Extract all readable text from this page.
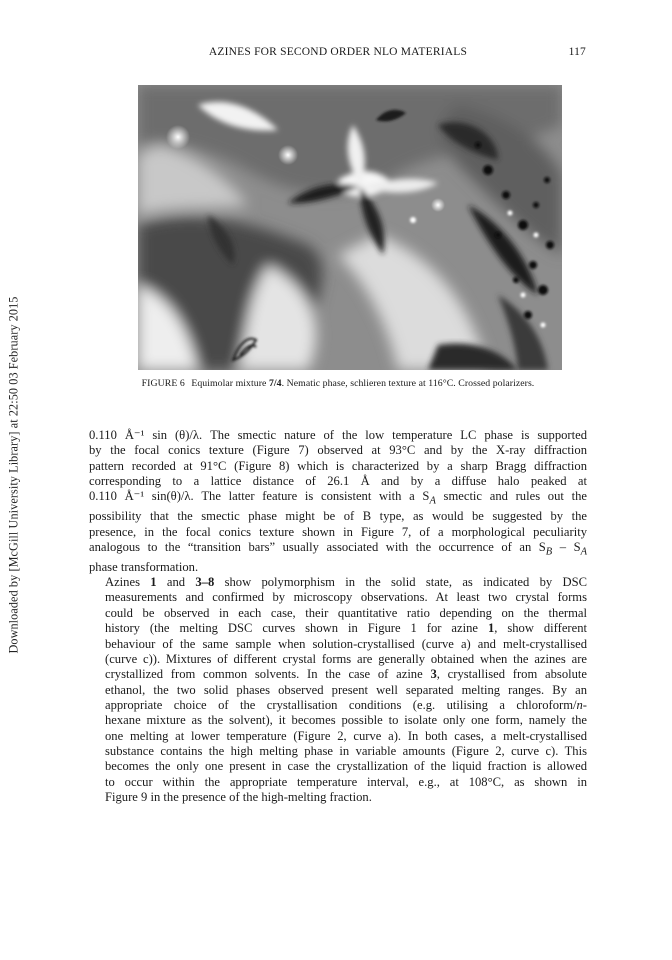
Downloaded by [McGill University Library] at 22:50 03 February 2015
AZINES FOR SECOND ORDER NLO MATERIALS	117
FIGURE 6 Equimolar mixture 7/4. Nematic phase, schlieren texture at 116°C. Crossed polarizers.

0.110 Å⁻¹ sin (θ)/λ. The smectic nature of the low temperature LC phase is supported
by the focal conics texture (Figure 7) observed at 93°C and by the X-ray diffraction
pattern recorded at 91°C (Figure 8) which is characterized by a sharp Bragg diffraction
corresponding to a lattice distance of 26.1 Å and by a diffuse halo peaked at
0.110 Å⁻¹ sin(θ)/λ. The latter feature is consistent with a $S_A$ smectic and rules out the
possibility that the smectic phase might be of B type, as would be suggested by the
presence, in the focal conics texture shown in Figure 7, of a morphological peculiarity
analogous to the “transition bars” usually associated with the occurrence of an $S_B - S_A$
phase transformation.

Azines 1 and 3–8 show polymorphism in the solid state, as indicated by DSC
measurements and confirmed by microscopy observations. At least two crystal forms
could be observed in each case, their quantitative ratio depending on the thermal
history (the melting DSC curves shown in Figure 1 for azine 1, show different
behaviour of the same sample when solution-crystallised (curve a) and melt-crystallised
(curve c)). Mixtures of different crystal forms are generally obtained when the azines are
crystallized from common solvents. In the case of azine 3, crystallised from absolute
ethanol, the two solid phases observed present well separated melting ranges. By an
appropriate choice of the crystallisation conditions (e.g. utilising a chloroform/n-
hexane mixture as the solvent), it becomes possible to isolate only one form, namely the
one melting at lower temperature (Figure 2, curve a). In both cases, a melt-crystallised
substance contains the high melting phase in variable amounts (Figure 2, curve c). This
becomes the only one present in case the crystallization of the liquid fraction is allowed
to occur within the appropriate temperature interval, e.g., at 108°C, as shown in
Figure 9 in the presence of the high-melting fraction.
